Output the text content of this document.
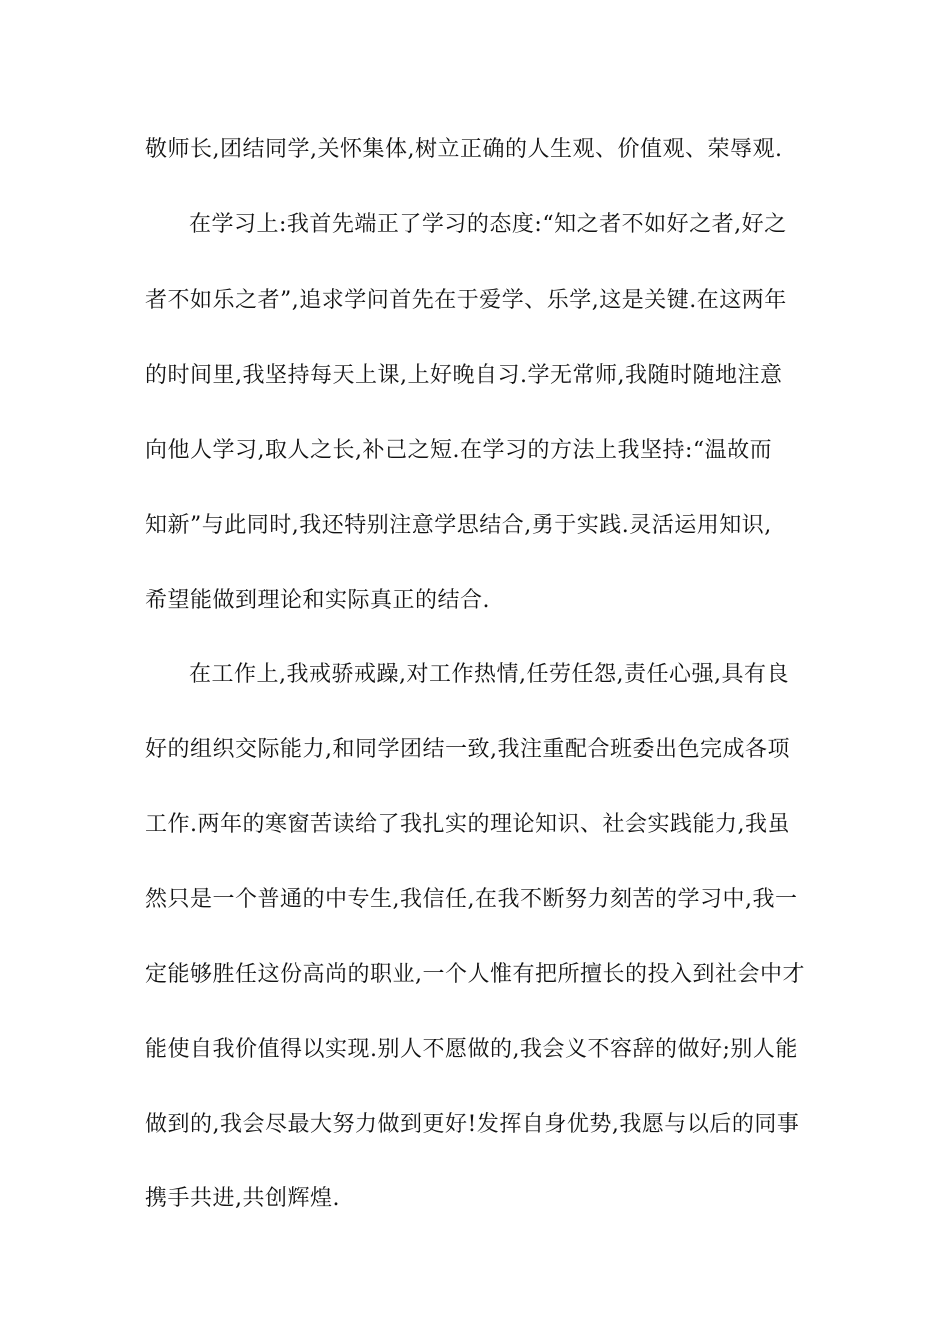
敬师长,团结同学,关怀集体,树立正确的人生观、价值观、荣辱观.
在学习上:我首先端正了学习的态度:“知之者不如好之者,好之
者不如乐之者”,追求学问首先在于爱学、乐学,这是关键.在这两年
的时间里,我坚持每天上课,上好晚自习.学无常师,我随时随地注意
向他人学习,取人之长,补己之短.在学习的方法上我坚持:“温故而
知新”与此同时,我还特别注意学思结合,勇于实践.灵活运用知识,
希望能做到理论和实际真正的结合.
在工作上,我戒骄戒躁,对工作热情,任劳任怨,责任心强,具有良
好的组织交际能力,和同学团结一致,我注重配合班委出色完成各项
工作.两年的寒窗苦读给了我扎实的理论知识、社会实践能力,我虽
然只是一个普通的中专生,我信任,在我不断努力刻苦的学习中,我一
定能够胜任这份高尚的职业,一个人惟有把所擅长的投入到社会中才
能使自我价值得以实现.别人不愿做的,我会义不容辞的做好;别人能
做到的,我会尽最大努力做到更好!发挥自身优势,我愿与以后的同事
携手共进,共创辉煌.
